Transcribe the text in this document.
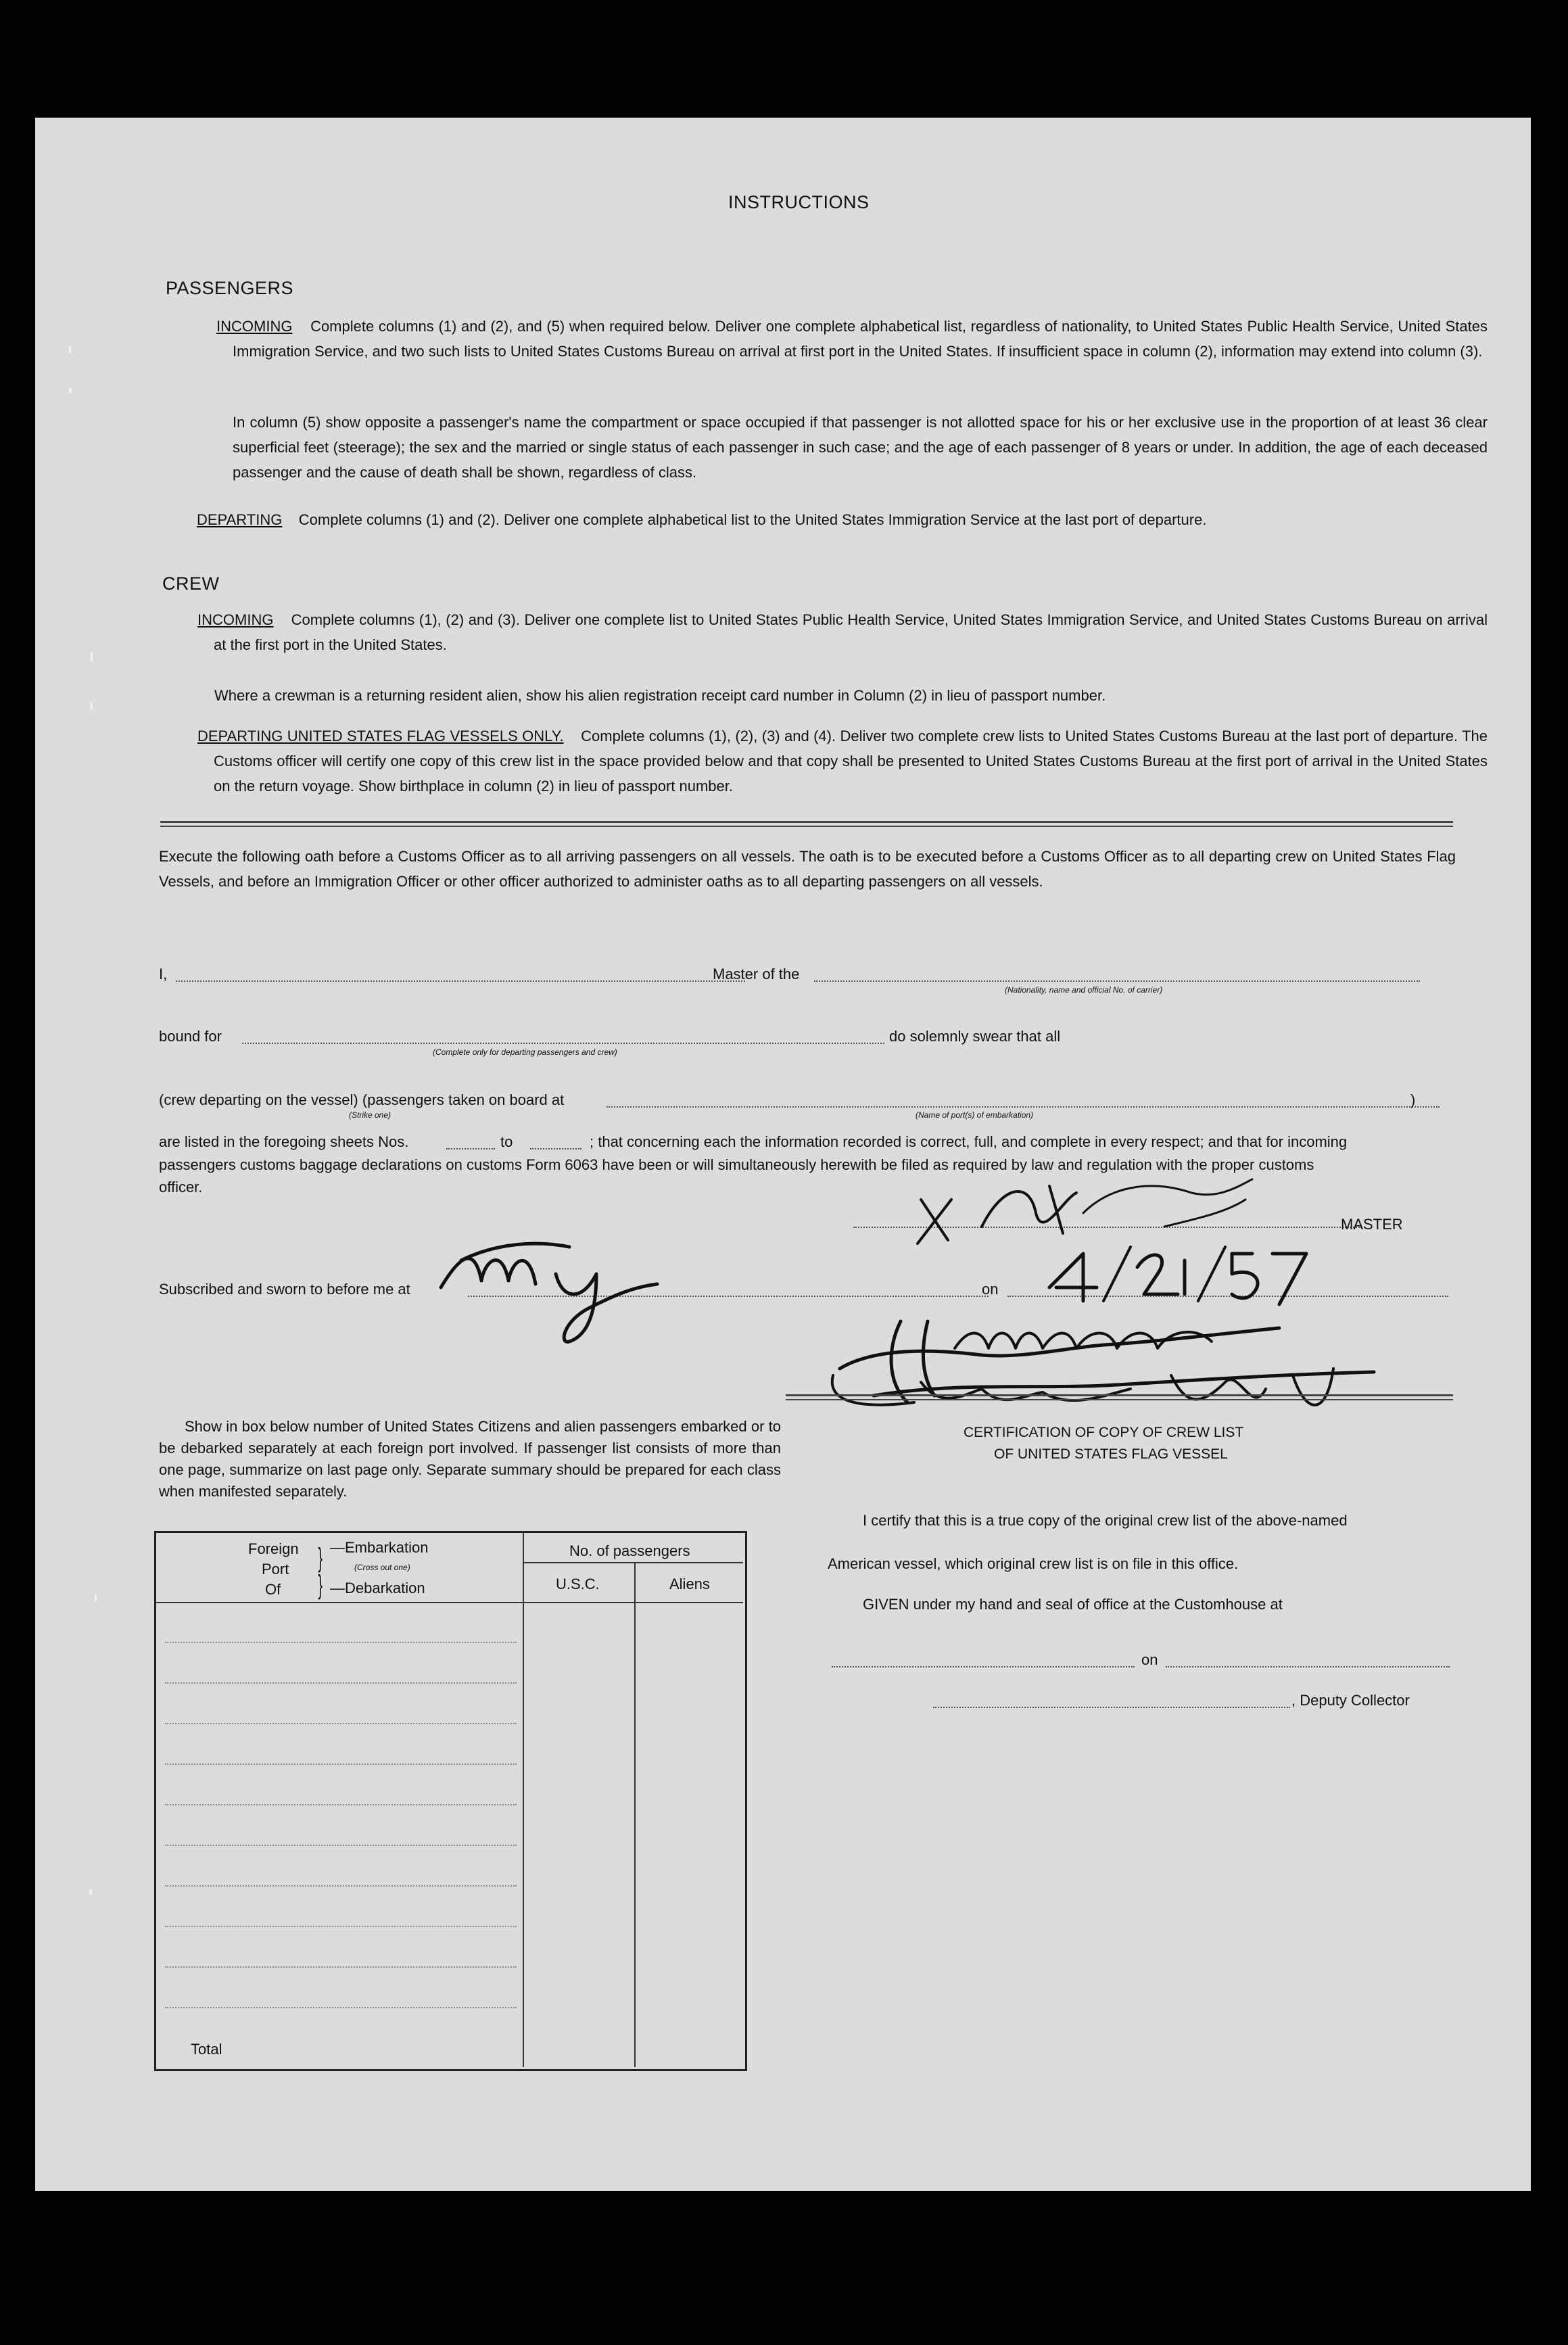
INSTRUCTIONS
PASSENGERS
INCOMING Complete columns (1) and (2), and (5) when required below. Deliver one complete alphabetical list, regardless of nationality, to United States Public Health Service, United States Immigration Service, and two such lists to United States Customs Bureau on arrival at first port in the United States. If insufficient space in column (2), information may extend into column (3).
In column (5) show opposite a passenger's name the compartment or space occupied if that passenger is not allotted space for his or her exclusive use in the proportion of at least 36 clear superficial feet (steerage); the sex and the married or single status of each passenger in such case; and the age of each passenger of 8 years or under. In addition, the age of each deceased passenger and the cause of death shall be shown, regardless of class.
DEPARTING Complete columns (1) and (2). Deliver one complete alphabetical list to the United States Immigration Service at the last port of departure.
CREW
INCOMING Complete columns (1), (2) and (3). Deliver one complete list to United States Public Health Service, United States Immigration Service, and United States Customs Bureau on arrival at the first port in the United States.
Where a crewman is a returning resident alien, show his alien registration receipt card number in Column (2) in lieu of passport number.
DEPARTING UNITED STATES FLAG VESSELS ONLY. Complete columns (1), (2), (3) and (4). Deliver two complete crew lists to United States Customs Bureau at the last port of departure. The Customs officer will certify one copy of this crew list in the space provided below and that copy shall be presented to United States Customs Bureau at the first port of arrival in the United States on the return voyage. Show birthplace in column (2) in lieu of passport number.
Execute the following oath before a Customs Officer as to all arriving passengers on all vessels. The oath is to be executed before a Customs Officer as to all departing crew on United States Flag Vessels, and before an Immigration Officer or other officer authorized to administer oaths as to all departing passengers on all vessels.
I,	Master of the
(Nationality, name and official No. of carrier)
bound for
(Complete only for departing passengers and crew)
do solemnly swear that all
(crew departing on the vessel) (passengers taken on board at	)
(Strike one)	(Name of port(s) of embarkation)
are listed in the foregoing sheets Nos.	to	; that concerning each the information recorded is correct, full, and complete in every respect; and that for incoming
passengers customs baggage declarations on customs Form 6063 have been or will simultaneously herewith be filed as required by law and regulation with the proper customs
officer.
MASTER
Subscribed and sworn to before me at	on
Show in box below number of United States Citizens and alien passengers embarked or to be debarked separately at each foreign port involved. If passenger list consists of more than one page, summarize on last page only. Separate summary should be prepared for each class when manifested separately.
Foreign
Port
Of
}
}
—Embarkation
(Cross out one)
—Debarkation
No. of passengers
U.S.C.	Aliens
Total
CERTIFICATION OF COPY OF CREW LIST
OF UNITED STATES FLAG VESSEL
I certify that this is a true copy of the original crew list of the above-named
American vessel, which original crew list is on file in this office.
GIVEN under my hand and seal of office at the Customhouse at
on
, Deputy Collector
